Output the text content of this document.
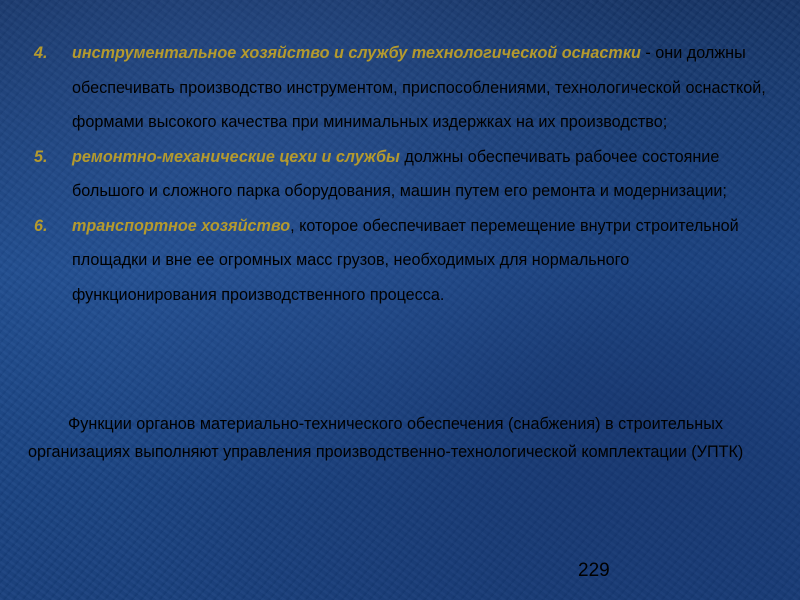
4. инструментальное хозяйство и службу технологической оснастки - они должны обеспечивать производство инструментом, приспособлениями, технологической оснасткой, формами высокого качества при минимальных издержках на их производство;
5. ремонтно-механические цехи и службы должны обеспечивать рабочее состояние большого и сложного парка оборудования, машин путем его ремонта и модернизации;
6. транспортное хозяйство, которое обеспечивает перемещение внутри строительной площадки и вне ее огромных масс грузов, необходимых для нормального функционирования производственного процесса.

Функции органов материально-технического обеспечения (снабжения) в строительных организациях выполняют управления производственно-технологической комплектации (УПТК)

229
